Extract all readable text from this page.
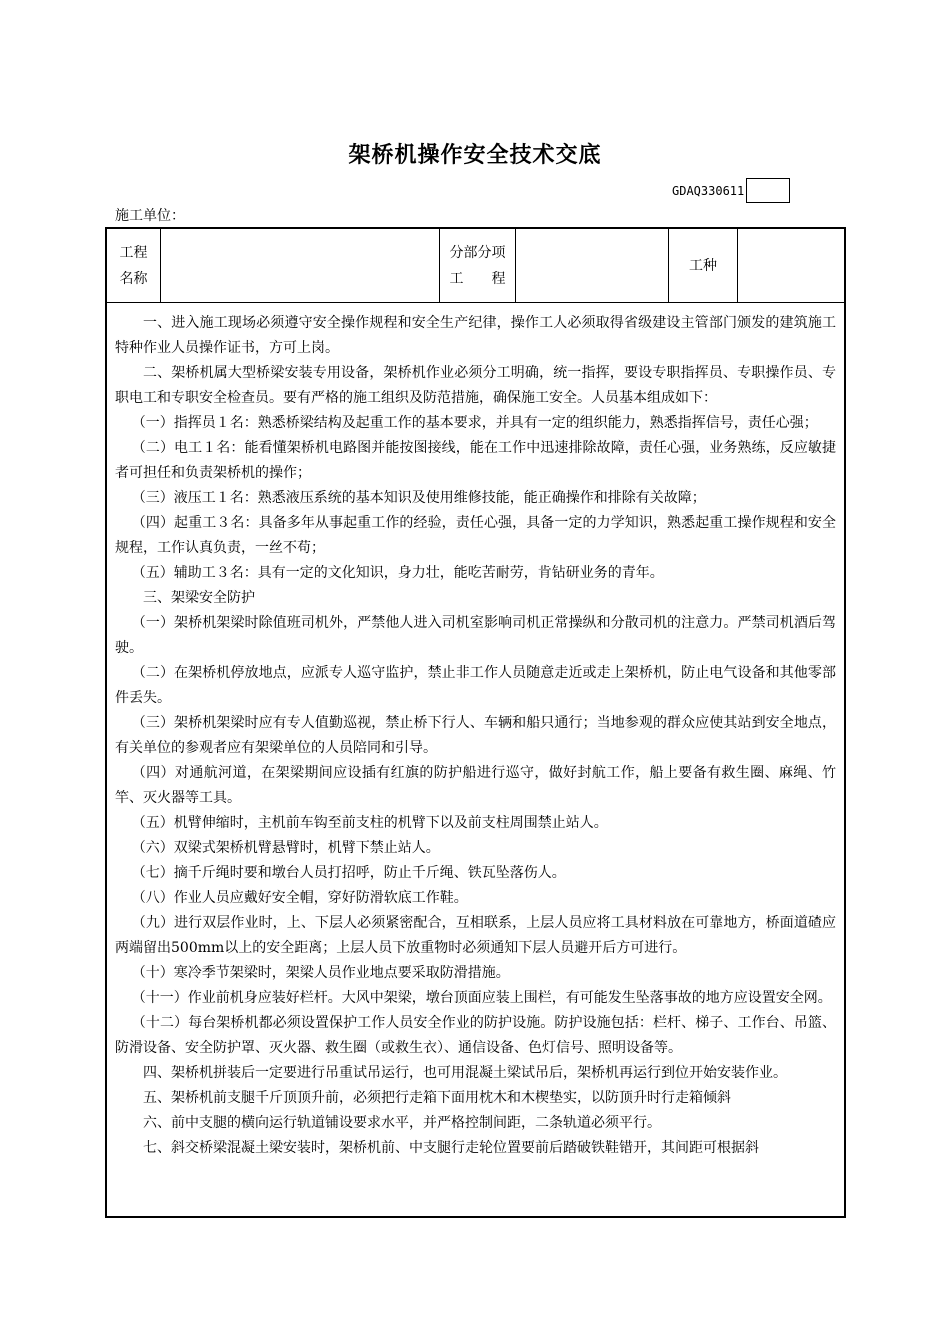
架桥机操作安全技术交底
GDAQ330611
施工单位：
工程
名称
分部分项
工　　程
工种

一、进入施工现场必须遵守安全操作规程和安全生产纪律，操作工人必须取得省级建设主管部门颁发的建筑施工特种作业人员操作证书，方可上岗。

二、架桥机属大型桥梁安装专用设备，架桥机作业必须分工明确，统一指挥，要设专职指挥员、专职操作员、专职电工和专职安全检查员。要有严格的施工组织及防范措施，确保施工安全。人员基本组成如下：

（一）指挥员１名：熟悉桥梁结构及起重工作的基本要求，并具有一定的组织能力，熟悉指挥信号，责任心强；

（二）电工１名：能看懂架桥机电路图并能按图接线，能在工作中迅速排除故障，责任心强，业务熟练，反应敏捷者可担任和负责架桥机的操作；

（三）液压工１名：熟悉液压系统的基本知识及使用维修技能，能正确操作和排除有关故障；

（四）起重工３名：具备多年从事起重工作的经验，责任心强，具备一定的力学知识，熟悉起重工操作规程和安全规程，工作认真负责，一丝不苟；

（五）辅助工３名：具有一定的文化知识，身力壮，能吃苦耐劳，肯钻研业务的青年。

三、架梁安全防护

（一）架桥机架梁时除值班司机外，严禁他人进入司机室影响司机正常操纵和分散司机的注意力。严禁司机酒后驾驶。

（二）在架桥机停放地点，应派专人巡守监护，禁止非工作人员随意走近或走上架桥机，防止电气设备和其他零部件丢失。

（三）架桥机架梁时应有专人值勤巡视，禁止桥下行人、车辆和船只通行；当地参观的群众应使其站到安全地点，有关单位的参观者应有架梁单位的人员陪同和引导。

（四）对通航河道，在架梁期间应设插有红旗的防护船进行巡守，做好封航工作，船上要备有救生圈、麻绳、竹竿、灭火器等工具。

（五）机臂伸缩时，主机前车钩至前支柱的机臂下以及前支柱周围禁止站人。

（六）双梁式架桥机臂悬臂时，机臂下禁止站人。

（七）摘千斤绳时要和墩台人员打招呼，防止千斤绳、铁瓦坠落伤人。

（八）作业人员应戴好安全帽，穿好防滑软底工作鞋。

（九）进行双层作业时，上、下层人必须紧密配合，互相联系，上层人员应将工具材料放在可靠地方，桥面道碴应两端留出500mm以上的安全距离；上层人员下放重物时必须通知下层人员避开后方可进行。

（十）寒冷季节架梁时，架梁人员作业地点要采取防滑措施。

（十一）作业前机身应装好栏杆。大风中架梁，墩台顶面应装上围栏，有可能发生坠落事故的地方应设置安全网。

（十二）每台架桥机都必须设置保护工作人员安全作业的防护设施。防护设施包括：栏杆、梯子、工作台、吊篮、防滑设备、安全防护罩、灭火器、救生圈（或救生衣）、通信设备、色灯信号、照明设备等。

四、架桥机拼装后一定要进行吊重试吊运行，也可用混凝土梁试吊后，架桥机再运行到位开始安装作业。

五、架桥机前支腿千斤顶顶升前，必须把行走箱下面用枕木和木楔垫实，以防顶升时行走箱倾斜

六、前中支腿的横向运行轨道铺设要求水平，并严格控制间距，二条轨道必须平行。

七、斜交桥梁混凝土梁安装时，架桥机前、中支腿行走轮位置要前后踏破铁鞋错开，其间距可根据斜
